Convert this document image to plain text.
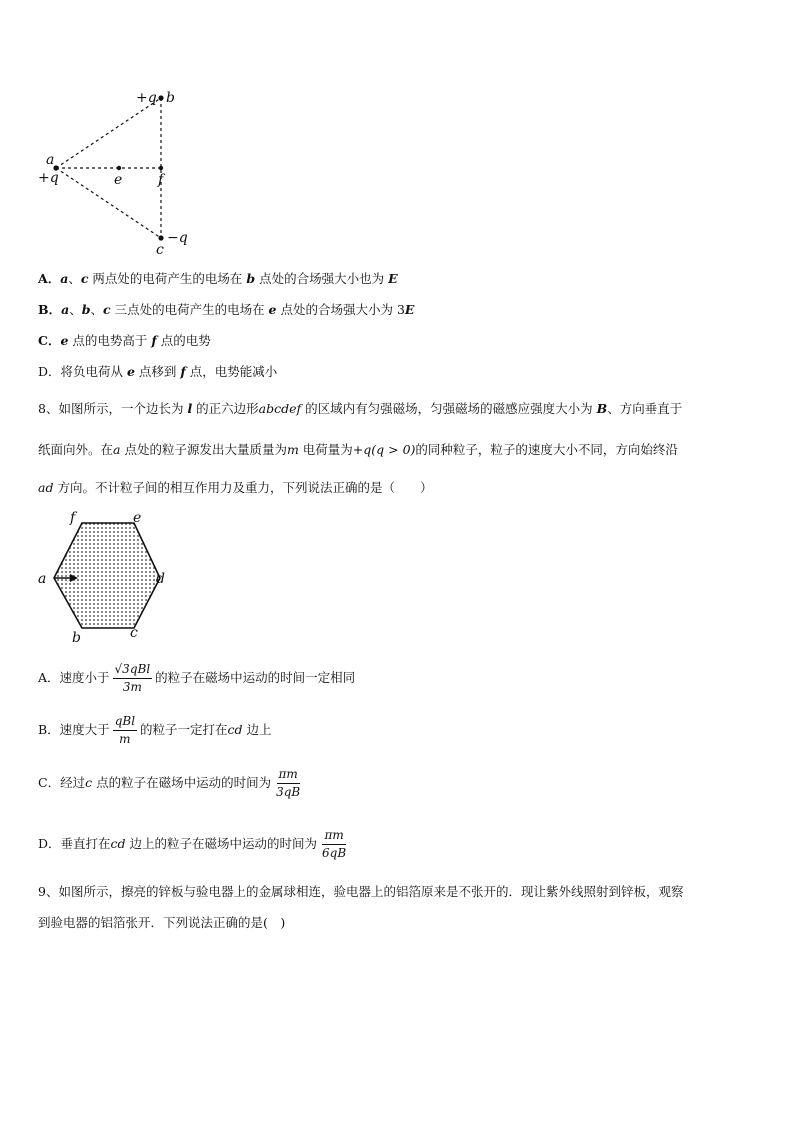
a
+q
+q b
−q
c
e	f
A．a、c 两点处的电荷产生的电场在 b 点处的合场强大小也为 E
B．a、b、c 三点处的电荷产生的电场在 e 点处的合场强大小为 3E
C．e 点的电势高于 f 点的电势
D．将负电荷从 e 点移到 f 点，电势能减小
8、如图所示，一个边长为 l 的正六边形abcdef 的区域内有匀强磁场，匀强磁场的磁感应强度大小为 B、方向垂直于
纸面向外。在a 点处的粒子源发出大量质量为m 电荷量为+q(q > 0)的同种粒子，粒子的速度大小不同，方向始终沿
ad 方向。不计粒子间的相互作用力及重力，下列说法正确的是（　　）
a
b	c
d
e
f
A．速度小于 $\frac{\text{√3qBl}}{3m}$ 的粒子在磁场中运动的时间一定相同
B．速度大于 $\frac{\text{qBl}}{m}$ 的粒子一定打在cd 边上
C．经过c 点的粒子在磁场中运动的时间为 $\frac{\pi m}{3qB}$
D．垂直打在cd 边上的粒子在磁场中运动的时间为 $\frac{\pi m}{6qB}$
9、如图所示，擦亮的锌板与验电器上的金属球相连，验电器上的铝箔原来是不张开的．现让紫外线照射到锌板，观察
到验电器的铝箔张开．下列说法正确的是(　)
